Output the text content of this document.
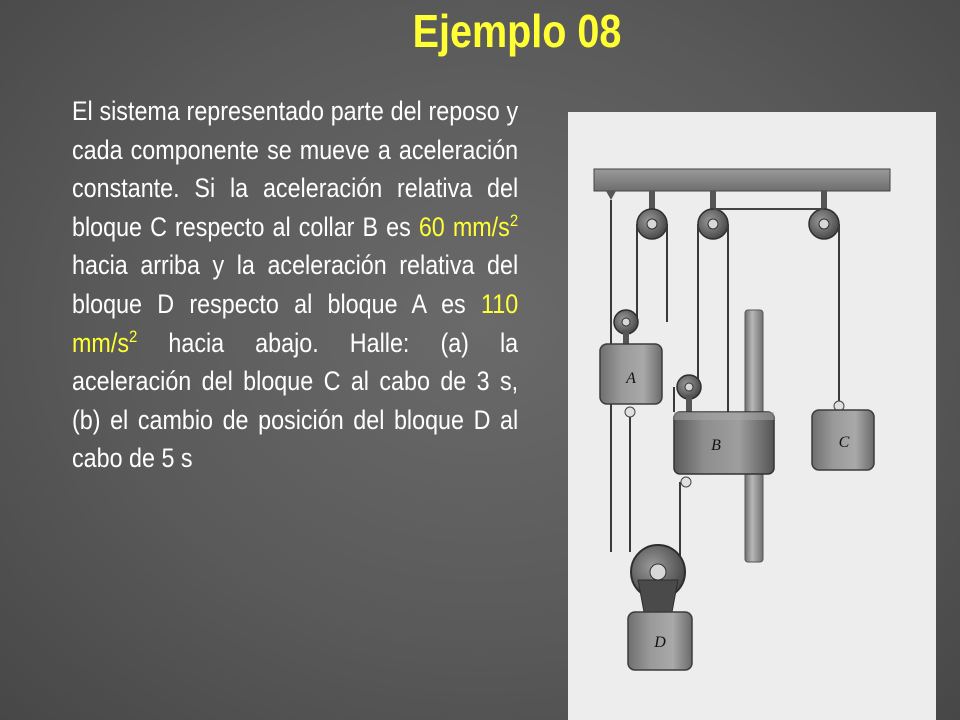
Ejemplo 08
El sistema representado parte del reposo y cada componente se mueve a aceleración constante. Si la aceleración relativa del bloque C respecto al collar B es 60 $mm/s^2$ hacia arriba y la aceleración relativa del bloque D respecto al bloque A es 110 $mm/s^2$ hacia abajo. Halle: (a) la aceleración del bloque C al cabo de 3 s, (b) el cambio de posición del bloque D al cabo de 5 s
A
B	C
D
